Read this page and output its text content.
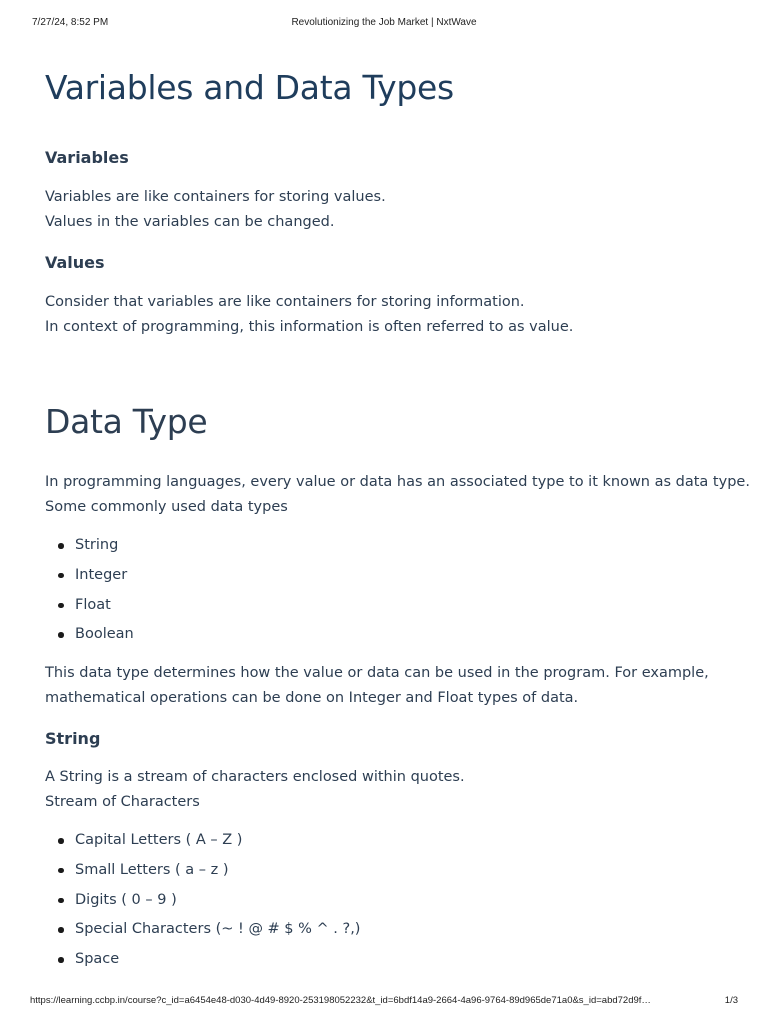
7/27/24, 8:52 PM	Revolutionizing the Job Market | NxtWave
Variables and Data Types
Variables

Variables are like containers for storing values.

Values in the variables can be changed.

Values

Consider that variables are like containers for storing information.

In context of programming, this information is often referred to as value.

Data Type

In programming languages, every value or data has an associated type to it known as data type.

Some commonly used data types

String
Integer
Float
Boolean

This data type determines how the value or data can be used in the program. For example,

mathematical operations can be done on Integer and Float types of data.

String

A String is a stream of characters enclosed within quotes.

Stream of Characters

Capital Letters ( A – Z )
Small Letters ( a – z )
Digits ( 0 – 9 )
Special Characters (~ ! @ # $ % ^ . ?,)
Space
https://learning.ccbp.in/course?c_id=a6454e48-d030-4d49-8920-253198052232&t_id=6bdf14a9-2664-4a96-9764-89d965de71a0&s_id=abd72d9f…	1/3
